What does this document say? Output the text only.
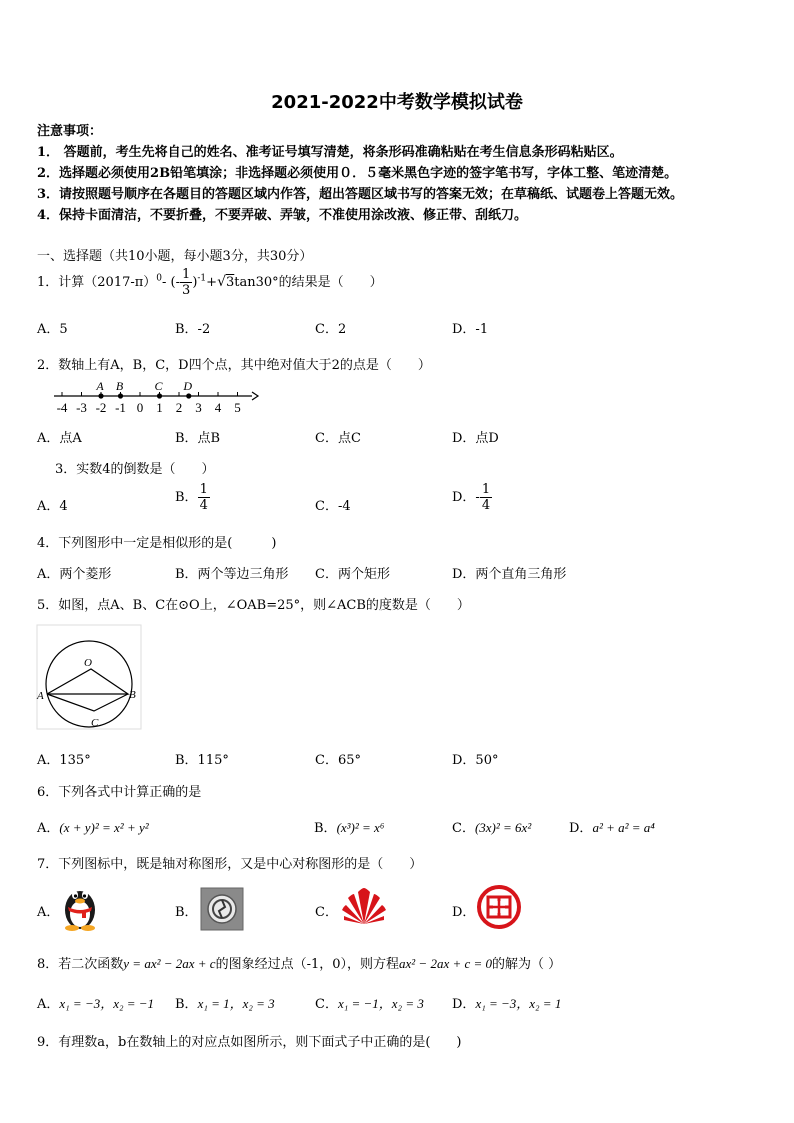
2021-2022中考数学模拟试卷
注意事项：
1． 答题前，考生先将自己的姓名、准考证号填写清楚，将条形码准确粘贴在考生信息条形码粘贴区。
2．选择题必须使用2B铅笔填涂；非选择题必须使用０．５毫米黑色字迹的签字笔书写，字体工整、笔迹清楚。
3．请按照题号顺序在各题目的答题区域内作答，超出答题区域书写的答案无效；在草稿纸、试题卷上答题无效。
4．保持卡面清洁，不要折叠，不要弄破、弄皱，不准使用涂改液、修正带、刮纸刀。
一、选择题（共10小题，每小题3分，共30分）
1．计算$(2017-\pi)^0-$ (- $\frac{1}{3} )^{-1}+√3\tan 30^\circ$的结果是（　　）
A．5	B．-2	C．2	D．-1
2．数轴上有A，B，C，D四个点，其中绝对值大于2的点是（　　）
-4 -3 -2 -1 0 1 2 3 4 5
A B	C D
A．点A	B．点B	C．点C	D．点D
3．实数4的倒数是（　　）
A．4
B． $\frac{1}{4}$	C．-4
D．- $\frac{1}{4}$
4．下列图形中一定是相似形的是(　　　)
A．两个菱形	B．两个等边三角形 C．两个矩形	D．两个直角三角形
5．如图，点A、B、C在⊙O上，∠OAB=25°，则∠ACB的度数是（　　）
O
A	B
C
A．135°	B．115°	C．65°	D．50°
6．下列各式中计算正确的是
A．(x + y)² = x² + y²	B．(x³)² = x⁶	C．(3x)² = 6x²	D．a² + a² = a⁴
7．下列图标中，既是轴对称图形，又是中心对称图形的是（　　）
A．	B．	C．	D．
8．若二次函数y = ax² − 2ax + c的图象经过点（-1，0），则方程ax² − 2ax + c = 0的解为（ ）
A．x₁ = −3，x₂ = −1 B．x₁ = 1，x₂ = 3	C．x₁ = −1，x₂ = 3 D．x₁ = −3，x₂ = 1
9．有理数a，b在数轴上的对应点如图所示，则下面式子中正确的是(　　)
